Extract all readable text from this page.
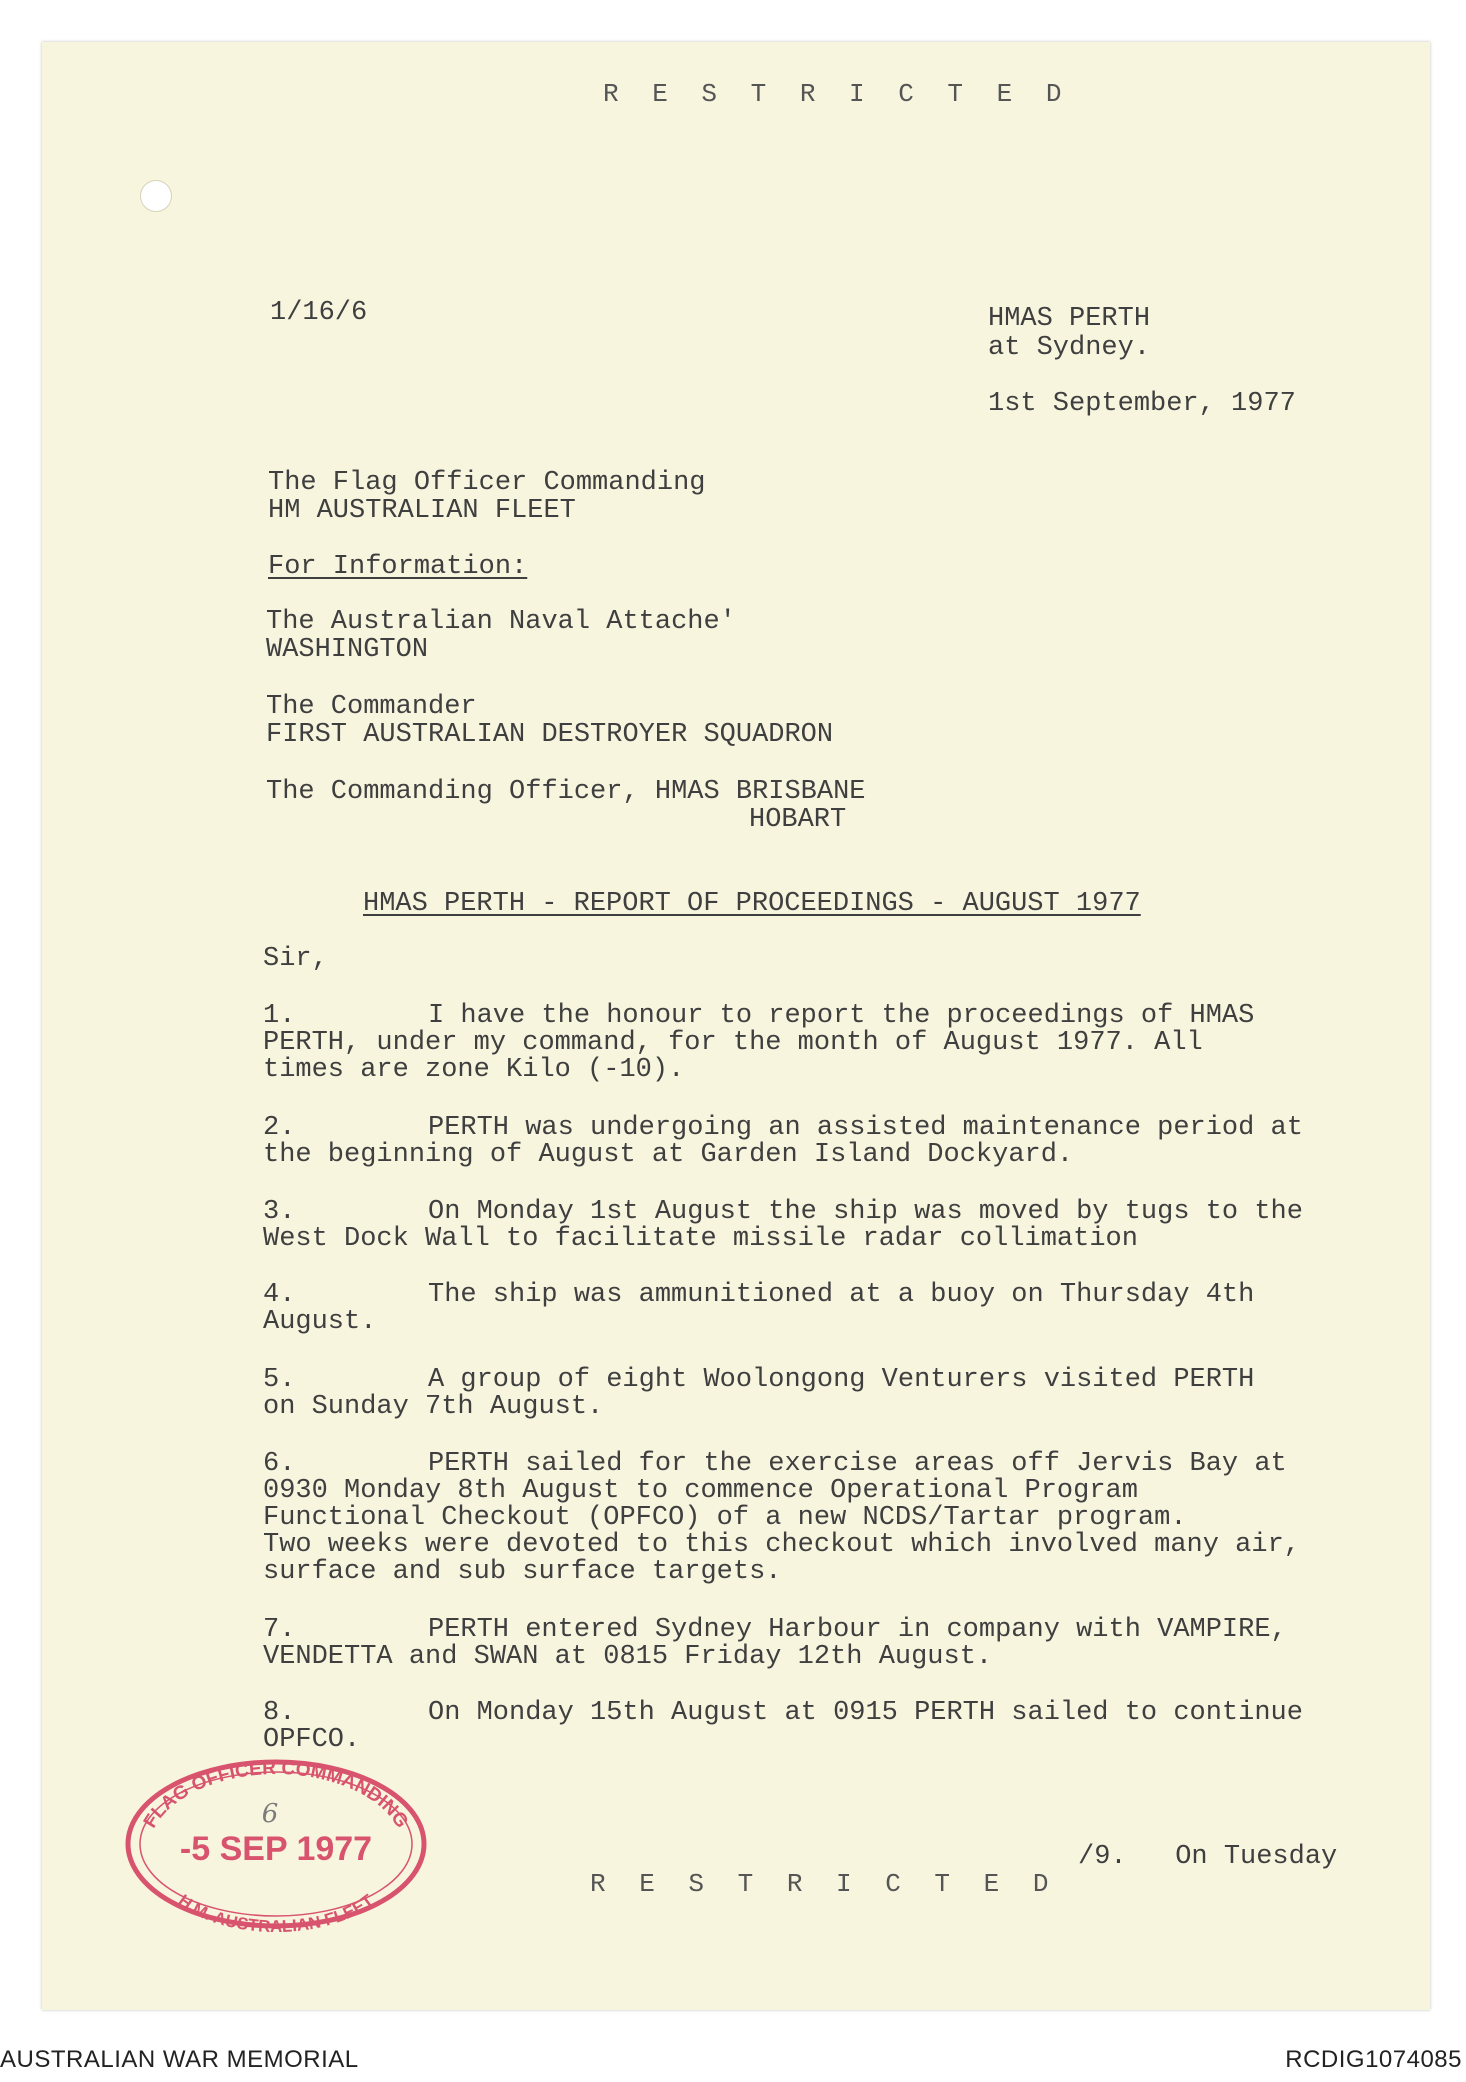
R E S T R I C T E D
1/16/6	HMAS PERTH
at Sydney.
1st September, 1977
The Flag Officer Commanding
HM AUSTRALIAN FLEET
For Information:
The Australian Naval Attache'
WASHINGTON
The Commander
FIRST AUSTRALIAN DESTROYER SQUADRON
The Commanding Officer, HMAS BRISBANE
HOBART
HMAS PERTH - REPORT OF PROCEEDINGS - AUGUST 1977
Sir,
1.	I have the honour to report the proceedings of HMAS
PERTH, under my command, for the month of August 1977. All
times are zone Kilo (-10).
2.	PERTH was undergoing an assisted maintenance period at
the beginning of August at Garden Island Dockyard.
3.	On Monday 1st August the ship was moved by tugs to the
West Dock Wall to facilitate missile radar collimation
4.	The ship was ammunitioned at a buoy on Thursday 4th
August.
5.	A group of eight Woolongong Venturers visited PERTH
on Sunday 7th August.
6.	PERTH sailed for the exercise areas off Jervis Bay at
0930 Monday 8th August to commence Operational Program
Functional Checkout (OPFCO) of a new NCDS/Tartar program.
Two weeks were devoted to this checkout which involved many air,
surface and sub surface targets.
7.	PERTH entered Sydney Harbour in company with VAMPIRE,
VENDETTA and SWAN at 0815 Friday 12th August.
8.	On Monday 15th August at 0915 PERTH sailed to continue
OPFCO.
/9.   On Tuesday
R E S T R I C T E D
FLAG OFFICER COMMANDING
H.M. AUSTRALIAN FLEET
-5 SEP 1977
6
AUSTRALIAN WAR MEMORIAL	RCDIG1074085
